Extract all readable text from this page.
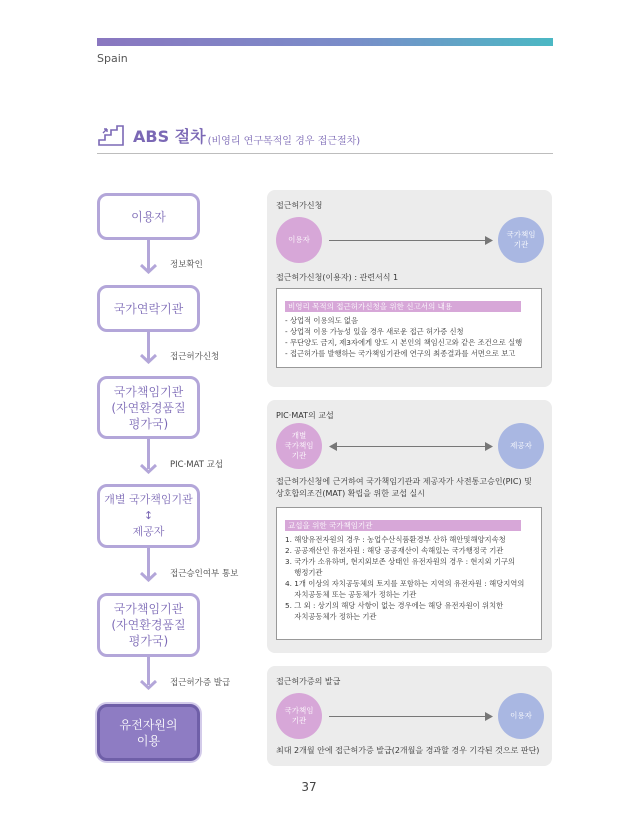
Spain
ABS 절차 (비영리 연구목적일 경우 접근절차)
이용자
국가연락기관
국가책임기관
(자연환경품질
평가국)
개별 국가책임기관
↕
제공자
국가책임기관
(자연환경품질
평가국)
유전자원의
이용
정보확인
접근허가신청
PIC·MAT 교섭
접근승인여부 통보
접근허가증 발급
접근허가신청
이용자
국가책임
기관
접근허가신청(이용자) : 관련서식 1
비영리 목적의 접근허가신청을 위한 신고서의 내용
- 상업적 이용의도 없음
- 상업적 이용 가능성 있을 경우 새로운 접근 허가증 신청
- 무단양도 금지, 제3자에게 양도 시 본인의 책임신고와 같은 조건으로 실행
- 접근허가를 발행하는 국가책임기관에 연구의 최종결과를 서면으로 보고
PIC·MAT의 교섭
개별
국가책임
기관
제공자
접근허가신청에 근거하여 국가책임기관과 제공자가 사전통고승인(PIC) 및
상호합의조건(MAT) 확립을 위한 교섭 실시
교섭을 위한 국가책임기관
1. 해양유전자원의 경우 : 농업수산식품환경부 산하 해안및해양지속청
2. 공공재산인 유전자원 : 해당 공공재산이 속해있는 국가행정국 기관
3. 국가가 소유하며, 현지외보존 상태인 유전자원의 경우 : 현지외 기구의
행정기관
4. 1개 이상의 자치공동체의 토지를 포함하는 지역의 유전자원 : 해당지역의
자치공동체 또는 공동체가 정하는 기관
5. 그 외 : 상기의 해당 사항이 없는 경우에는 해당 유전자원이 위치한
자치공동체가 정하는 기관
접근허가증의 발급
국가책임
기관
이용자
최대 2개월 안에 접근허가증 발급(2개월을 경과할 경우 기각된 것으로 판단)
37
